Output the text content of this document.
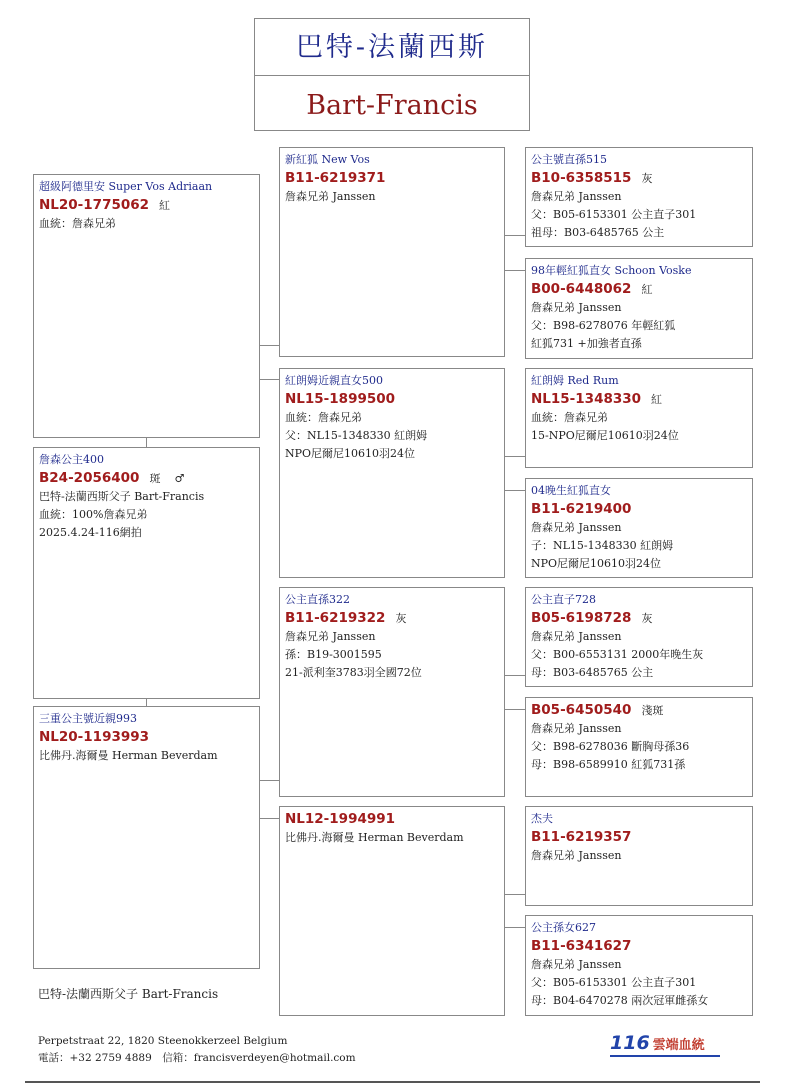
巴特-法蘭西斯
Bart-Francis
超級阿德里安 Super Vos Adriaan
NL20-1775062 紅
血統：詹森兄弟
詹森公主400
B24-2056400 斑 ♂
巴特-法蘭西斯父子 Bart-Francis
血統：100%詹森兄弟
2025.4.24-116網拍
三重公主號近親993
NL20-1193993
比佛丹.海爾曼 Herman Beverdam
新紅狐 New Vos
B11-6219371
詹森兄弟 Janssen
紅朗姆近親直女500
NL15-1899500
血統：詹森兄弟
父：NL15-1348330 紅朗姆
NPO尼爾尼10610羽24位
公主直孫322
B11-6219322 灰
詹森兄弟 Janssen
孫：B19-3001595
21-派利奎3783羽全國72位
NL12-1994991
比佛丹.海爾曼 Herman Beverdam
公主號直孫515
B10-6358515 灰
詹森兄弟 Janssen
父：B05-6153301 公主直子301
祖母：B03-6485765 公主
98年輕紅狐直女 Schoon Voske
B00-6448062 紅
詹森兄弟 Janssen
父：B98-6278076 年輕紅狐
紅狐731 +加強者直孫
紅朗姆 Red Rum
NL15-1348330 紅
血統：詹森兄弟
15-NPO尼爾尼10610羽24位
04晚生紅狐直女
B11-6219400
詹森兄弟 Janssen
子：NL15-1348330 紅朗姆
NPO尼爾尼10610羽24位
公主直子728
B05-6198728 灰
詹森兄弟 Janssen
父：B00-6553131 2000年晚生灰
母：B03-6485765 公主
B05-6450540 淺斑
詹森兄弟 Janssen
父：B98-6278036 斷胸母孫36
母：B98-6589910 紅狐731孫
杰夫
B11-6219357
詹森兄弟 Janssen
公主孫女627
B11-6341627
詹森兄弟 Janssen
父：B05-6153301 公主直子301
母：B04-6470278 兩次冠軍雌孫女
巴特-法蘭西斯父子 Bart-Francis
Perpetstraat 22, 1820 Steenokkerzeel Belgium
電話：+32 2759 4889　信箱：francisverdeyen@hotmail.com
116 雲端血統
